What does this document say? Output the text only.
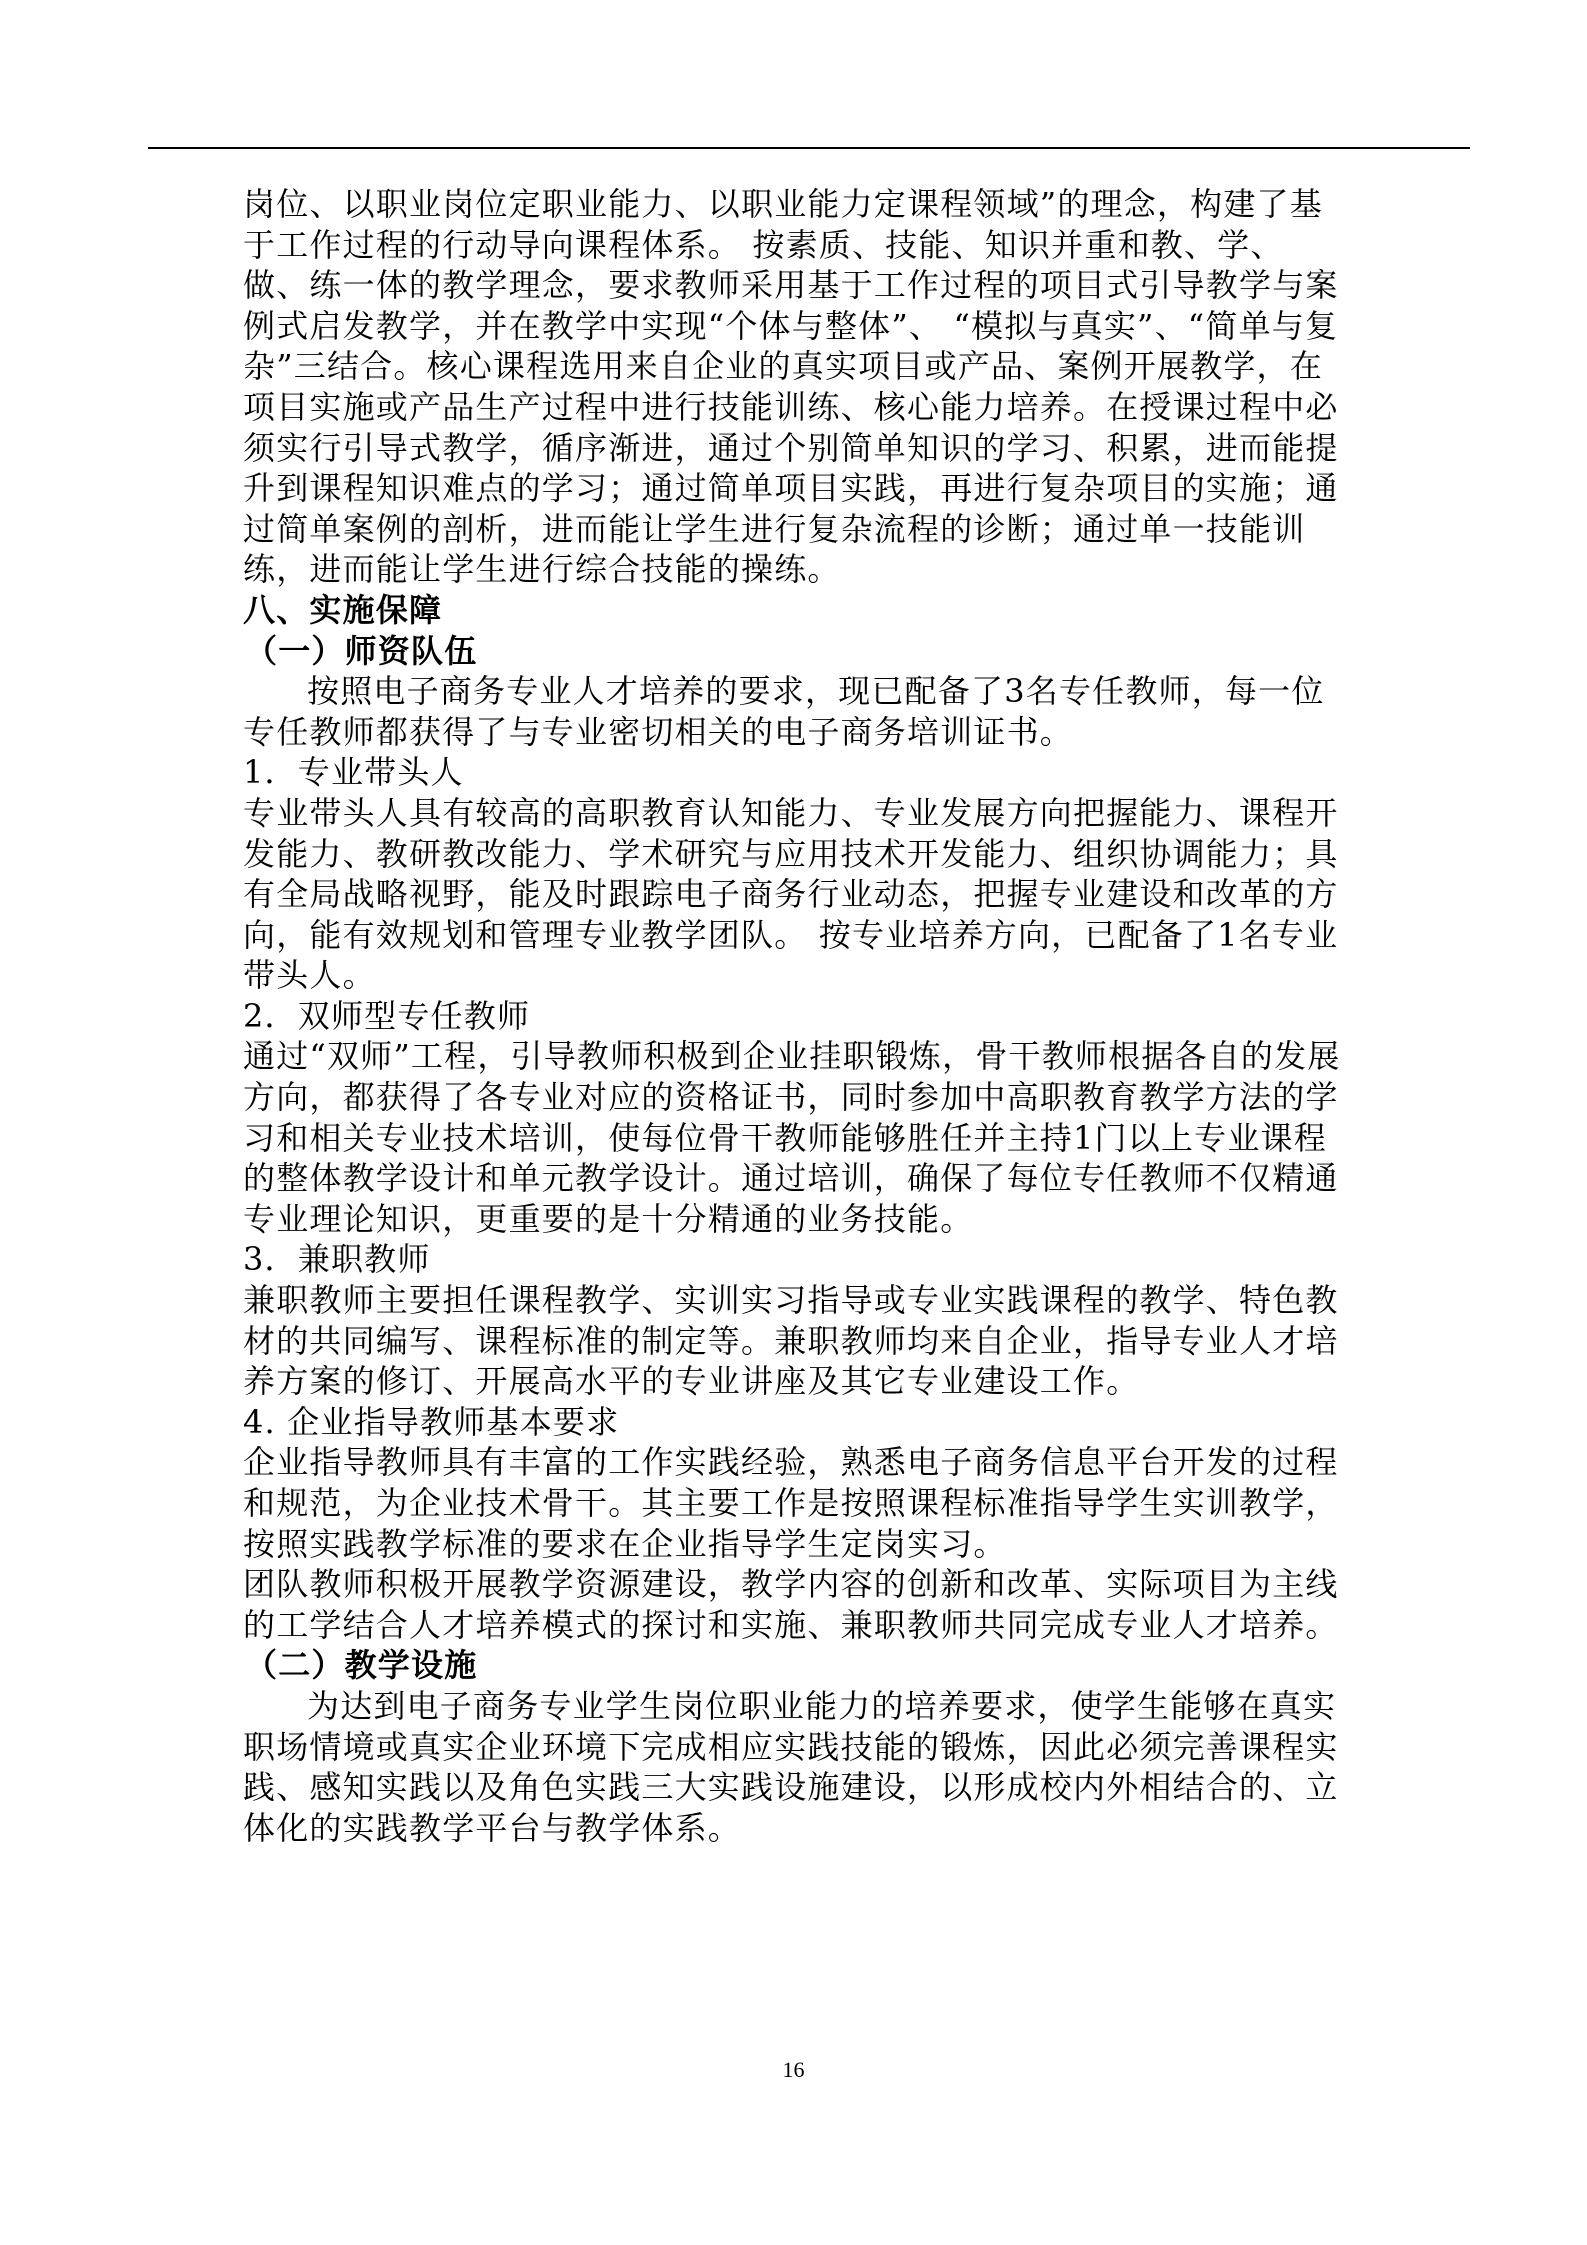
岗位、以职业岗位定职业能力、以职业能力定课程领域”的理念，构建了基于工作过程的行动导向课程体系。 按素质、技能、知识并重和教、学、做、练一体的教学理念，要求教师采用基于工作过程的项目式引导教学与案例式启发教学，并在教学中实现“个体与整体”、 “模拟与真实”、“简单与复杂”三结合。核心课程选用来自企业的真实项目或产品、案例开展教学，在项目实施或产品生产过程中进行技能训练、核心能力培养。在授课过程中必须实行引导式教学，循序渐进，通过个别简单知识的学习、积累，进而能提升到课程知识难点的学习；通过简单项目实践，再进行复杂项目的实施；通过简单案例的剖析，进而能让学生进行复杂流程的诊断；通过单一技能训练，进而能让学生进行综合技能的操练。

八、实施保障
（一）师资队伍

按照电子商务专业人才培养的要求，现已配备了3名专任教师，每一位专任教师都获得了与专业密切相关的电子商务培训证书。

1．专业带头人

专业带头人具有较高的高职教育认知能力、专业发展方向把握能力、课程开发能力、教研教改能力、学术研究与应用技术开发能力、组织协调能力；具有全局战略视野，能及时跟踪电子商务行业动态，把握专业建设和改革的方向，能有效规划和管理专业教学团队。 按专业培养方向，已配备了1名专业带头人。

2．双师型专任教师

通过“双师”工程，引导教师积极到企业挂职锻炼，骨干教师根据各自的发展方向，都获得了各专业对应的资格证书，同时参加中高职教育教学方法的学习和相关专业技术培训，使每位骨干教师能够胜任并主持1门以上专业课程的整体教学设计和单元教学设计。通过培训，确保了每位专任教师不仅精通专业理论知识，更重要的是十分精通的业务技能。

3．兼职教师

兼职教师主要担任课程教学、实训实习指导或专业实践课程的教学、特色教材的共同编写、课程标准的制定等。兼职教师均来自企业，指导专业人才培养方案的修订、开展高水平的专业讲座及其它专业建设工作。

4. 企业指导教师基本要求

企业指导教师具有丰富的工作实践经验，熟悉电子商务信息平台开发的过程和规范，为企业技术骨干。其主要工作是按照课程标准指导学生实训教学，按照实践教学标准的要求在企业指导学生定岗实习。

团队教师积极开展教学资源建设，教学内容的创新和改革、实际项目为主线的工学结合人才培养模式的探讨和实施、兼职教师共同完成专业人才培养。

（二）教学设施

为达到电子商务专业学生岗位职业能力的培养要求，使学生能够在真实职场情境或真实企业环境下完成相应实践技能的锻炼，因此必须完善课程实践、感知实践以及角色实践三大实践设施建设，以形成校内外相结合的、立体化的实践教学平台与教学体系。

16
